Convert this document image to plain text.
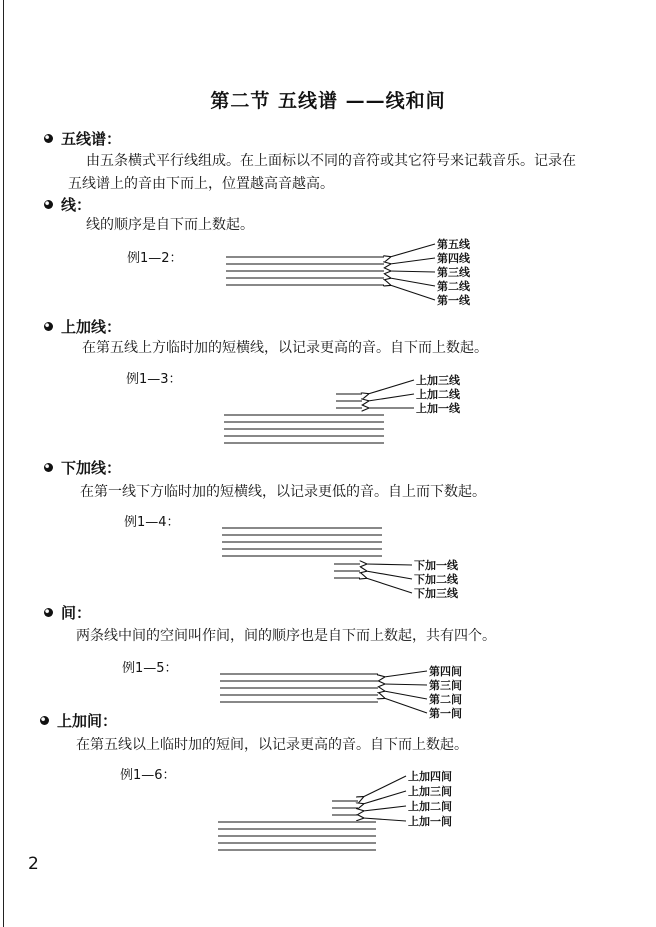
第二节 五线谱 ——线和间
五线谱：
由五条横式平行线组成。在上面标以不同的音符或其它符号来记载音乐。记录在
五线谱上的音由下而上，位置越高音越高。
线：
线的顺序是自下而上数起。
例1—2：
上加线：
在第五线上方临时加的短横线，以记录更高的音。自下而上数起。
例1—3：
下加线：
在第一线下方临时加的短横线，以记录更低的音。自上而下数起。
例1—4：
间：
两条线中间的空间叫作间，间的顺序也是自下而上数起，共有四个。
例1—5：
上加间：
在第五线以上临时加的短间，以记录更高的音。自下而上数起。
例1—6：
第五线
第四线
第三线
第二线
第一线
上加三线
上加二线
上加一线
下加一线
下加二线
下加三线
第四间
第三间
第二间
第一间
上加四间
上加三间
上加二间
上加一间
2
